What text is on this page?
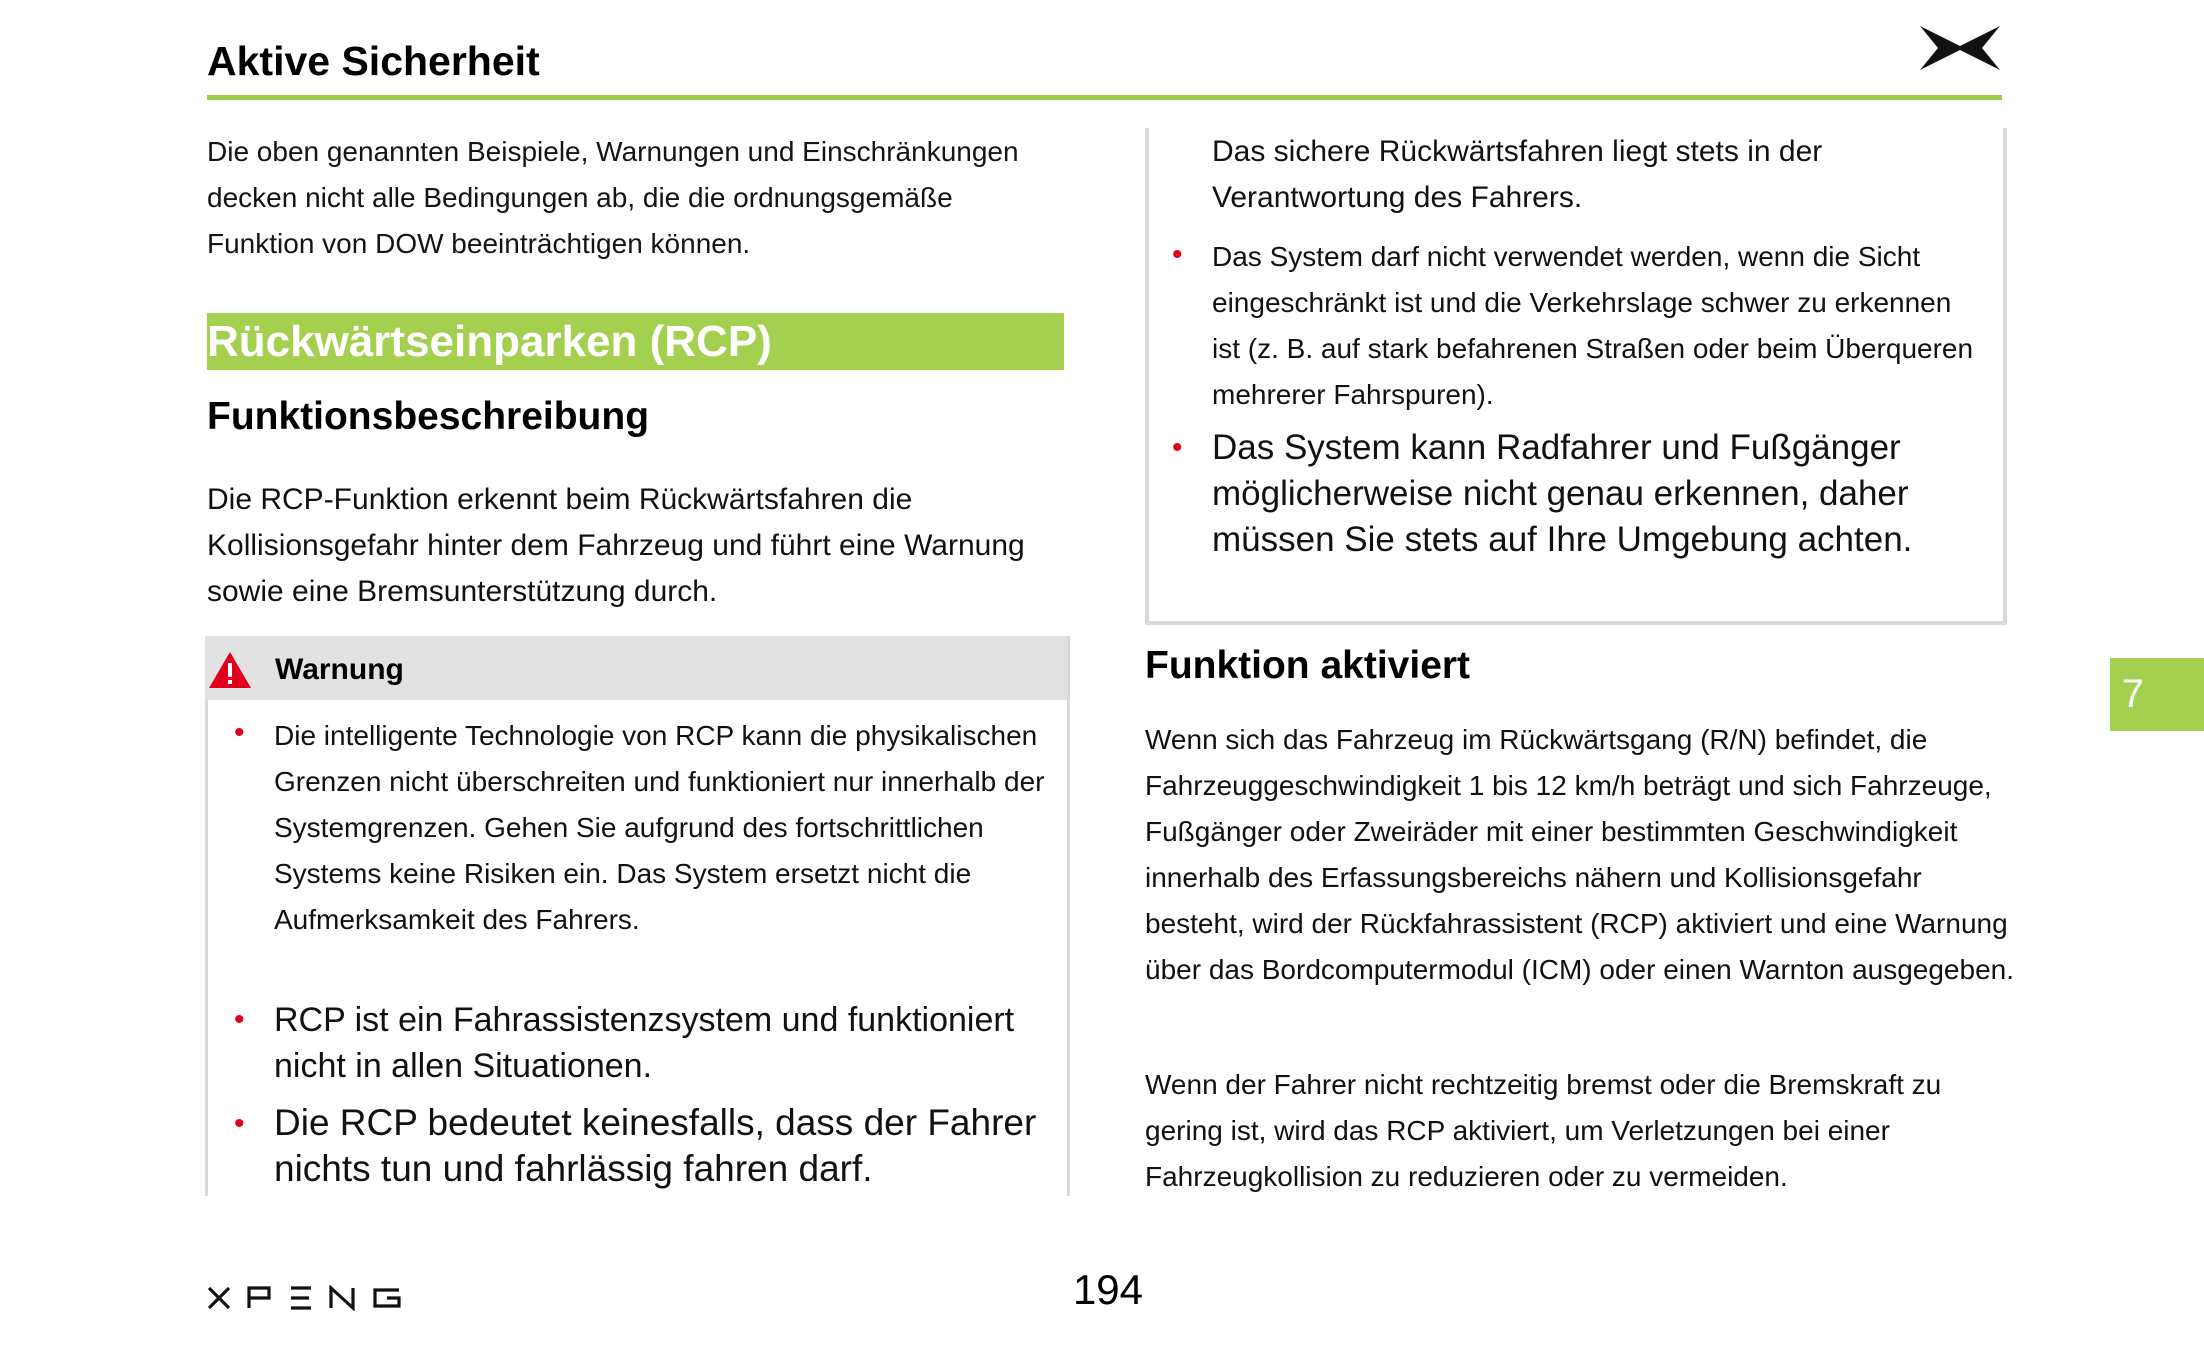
Aktive Sicherheit
Die oben genannten Beispiele, Warnungen und Einschränkungen decken nicht alle Bedingungen ab, die die ordnungsgemäße Funktion von DOW beeinträchtigen können.
Rückwärtseinparken (RCP)
Funktionsbeschreibung
Die RCP-Funktion erkennt beim Rückwärtsfahren die Kollisionsgefahr hinter dem Fahrzeug und führt eine Warnung sowie eine Bremsunterstützung durch.
Warnung
• Die intelligente Technologie von RCP kann die physikalischen Grenzen nicht überschreiten und funktioniert nur innerhalb der Systemgrenzen. Gehen Sie aufgrund des fortschrittlichen Systems keine Risiken ein. Das System ersetzt nicht die Aufmerksamkeit des Fahrers.
• RCP ist ein Fahrassistenzsystem und funktioniert nicht in allen Situationen.
• Die RCP bedeutet keinesfalls, dass der Fahrer nichts tun und fahrlässig fahren darf.
Das sichere Rückwärtsfahren liegt stets in der Verantwortung des Fahrers.
• Das System darf nicht verwendet werden, wenn die Sicht eingeschränkt ist und die Verkehrslage schwer zu erkennen ist (z. B. auf stark befahrenen Straßen oder beim Überqueren mehrerer Fahrspuren).
• Das System kann Radfahrer und Fußgänger möglicherweise nicht genau erkennen, daher müssen Sie stets auf Ihre Umgebung achten.
Funktion aktiviert
Wenn sich das Fahrzeug im Rückwärtsgang (R/N) befindet, die Fahrzeuggeschwindigkeit 1 bis 12 km/h beträgt und sich Fahrzeuge, Fußgänger oder Zweiräder mit einer bestimmten Geschwindigkeit innerhalb des Erfassungsbereichs nähern und Kollisionsgefahr besteht, wird der Rückfahrassistent (RCP) aktiviert und eine Warnung über das Bordcomputermodul (ICM) oder einen Warnton ausgegeben.
Wenn der Fahrer nicht rechtzeitig bremst oder die Bremskraft zu gering ist, wird das RCP aktiviert, um Verletzungen bei einer Fahrzeugkollision zu reduzieren oder zu vermeiden.
7
194
